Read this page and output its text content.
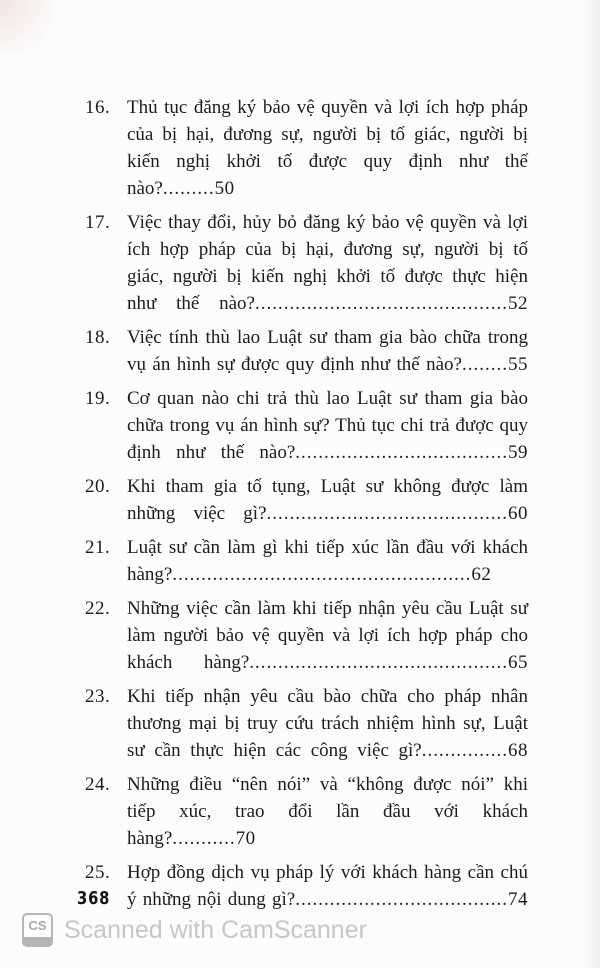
16. Thủ tục đăng ký bảo vệ quyền và lợi ích hợp pháp của bị hại, đương sự, người bị tố giác, người bị kiến nghị khởi tố được quy định như thế nào?.........50
17. Việc thay đổi, hủy bỏ đăng ký bảo vệ quyền và lợi ích hợp pháp của bị hại, đương sự, người bị tố giác, người bị kiến nghị khởi tố được thực hiện như thế nào?............................................52
18. Việc tính thù lao Luật sư tham gia bào chữa trong vụ án hình sự được quy định như thế nào?........55
19. Cơ quan nào chi trả thù lao Luật sư tham gia bào chữa trong vụ án hình sự? Thủ tục chi trả được quy định như thế nào?.....................................59
20. Khi tham gia tố tụng, Luật sư không được làm những việc gì?..........................................60
21. Luật sư cần làm gì khi tiếp xúc lần đầu với khách hàng?....................................................62
22. Những việc cần làm khi tiếp nhận yêu cầu Luật sư làm người bảo vệ quyền và lợi ích hợp pháp cho khách hàng?.............................................65
23. Khi tiếp nhận yêu cầu bào chữa cho pháp nhân thương mại bị truy cứu trách nhiệm hình sự, Luật sư cần thực hiện các công việc gì?...............68
24. Những điều “nên nói” và “không được nói” khi tiếp xúc, trao đổi lần đầu với khách hàng?...........70
25. Hợp đồng dịch vụ pháp lý với khách hàng cần chú ý những nội dung gì?.....................................74
368
CS Scanned with CamScanner
